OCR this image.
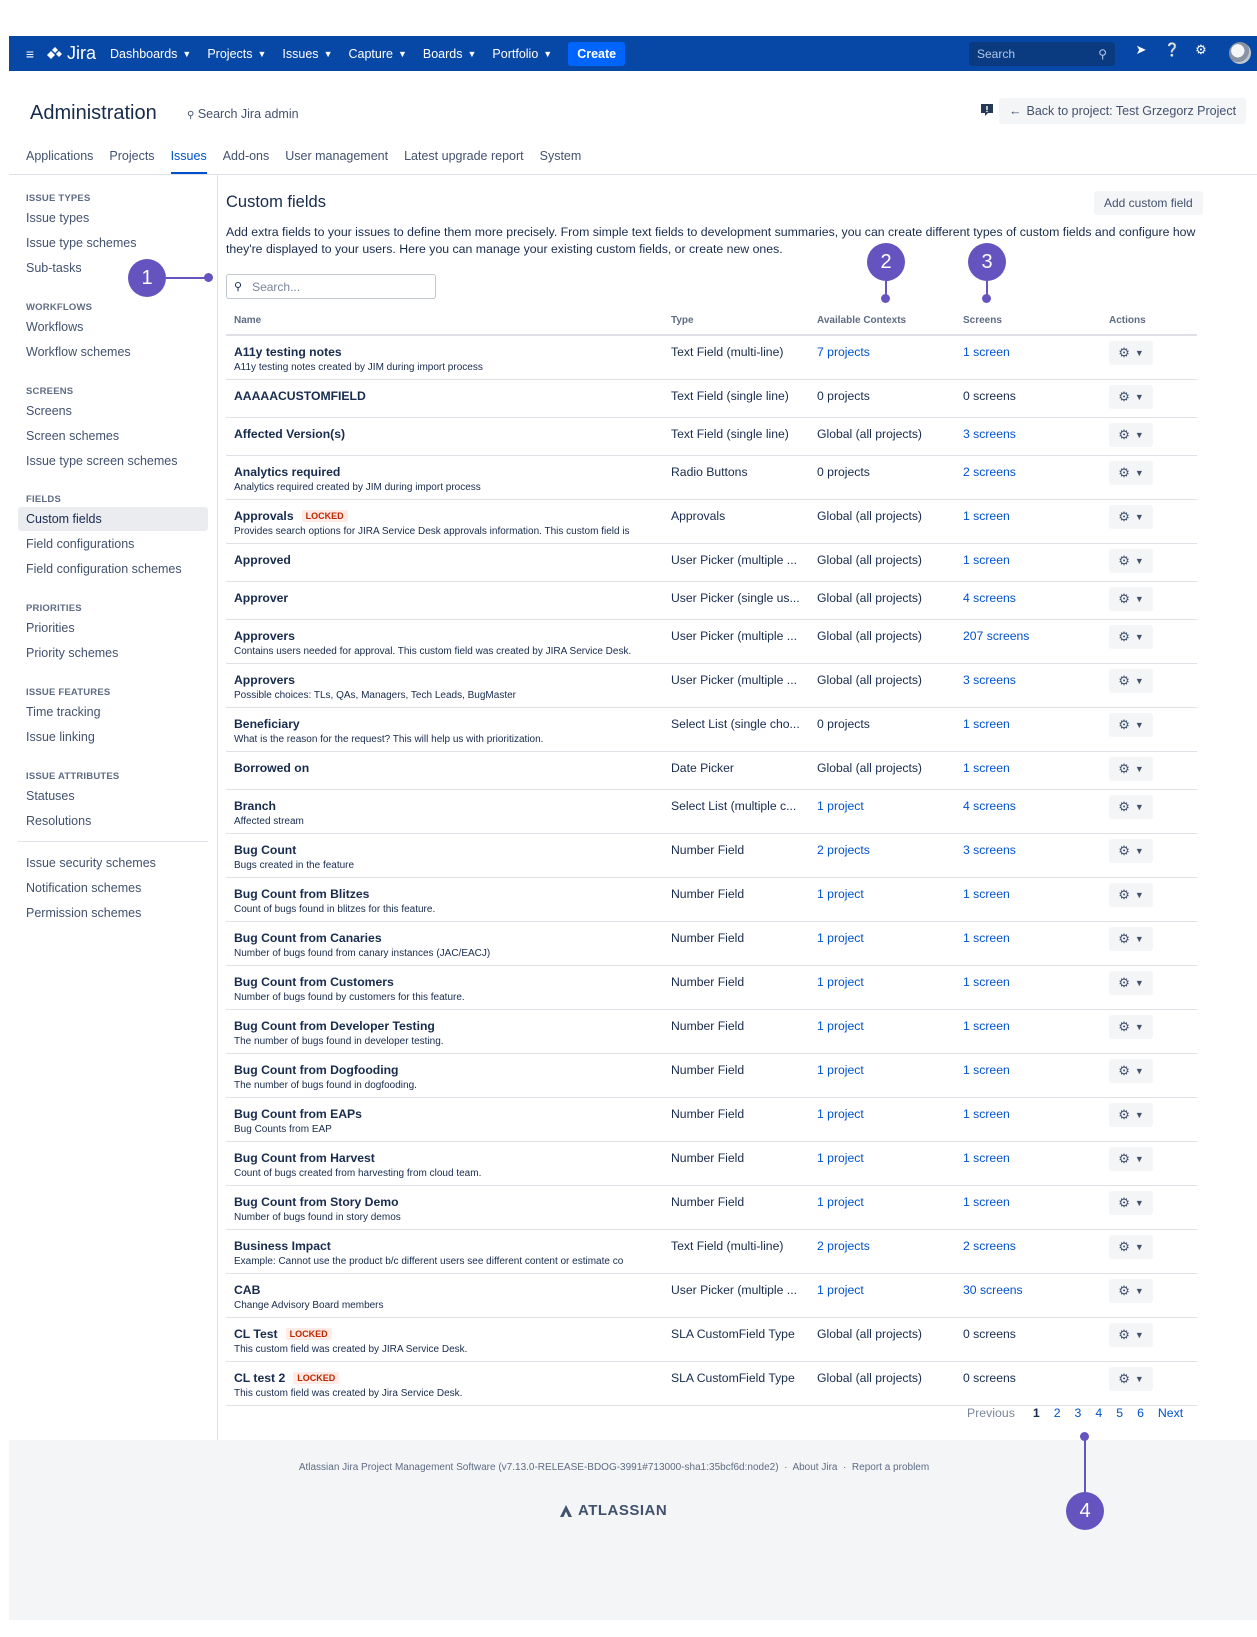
≡	Jira Dashboards ▼ Projects ▼ Issues ▼ Capture ▼ Boards ▼ Portfolio ▼	Create	Search	⚲ ➤ ❔ ⚙
Administration	⚲ Search Jira admin	← Back to project: Test Grzegorz Project
Applications Projects Issues Add-ons User management Latest upgrade report System
ISSUE TYPES
Issue types
Issue type schemes
Sub-tasks
WORKFLOWS
Workflows
Workflow schemes
SCREENS
Screens
Screen schemes
Issue type screen schemes
FIELDS
Custom fields
Field configurations
Field configuration schemes
PRIORITIES
Priorities
Priority schemes
ISSUE FEATURES
Time tracking
Issue linking
ISSUE ATTRIBUTES
Statuses
Resolutions
Issue security schemes
Notification schemes
Permission schemes
Custom fields	Add custom field
Add extra fields to your issues to define them more precisely. From simple text fields to development summaries, you can create different types of custom fields and configure how they're displayed to your users. Here you can manage your existing custom fields, or create new ones.
⚲ Search...
Name	Type	Available Contexts	Screens	Actions
A11y testing notes
A11y testing notes created by JIM during import process	Text Field (multi-line)	7 projects	1 screen	⚙ ▼

AAAAACUSTOMFIELD	Text Field (single line)	0 projects	0 screens	⚙ ▼

Affected Version(s)	Text Field (single line)	Global (all projects)	3 screens	⚙ ▼

Analytics required
Analytics required created by JIM during import process	Radio Buttons	0 projects	2 screens	⚙ ▼

Approvals LOCKED
Provides search options for JIRA Service Desk approvals information. This custom field is	Approvals	Global (all projects)	1 screen	⚙ ▼

Approved	User Picker (multiple ...	Global (all projects)	1 screen	⚙ ▼

Approver	User Picker (single us...	Global (all projects)	4 screens	⚙ ▼

Approvers
Contains users needed for approval. This custom field was created by JIRA Service Desk.	User Picker (multiple ...	Global (all projects)	207 screens	⚙ ▼

Approvers
Possible choices: TLs, QAs, Managers, Tech Leads, BugMaster	User Picker (multiple ...	Global (all projects)	3 screens	⚙ ▼

Beneficiary
What is the reason for the request? This will help us with prioritization.	Select List (single cho...	0 projects	1 screen	⚙ ▼

Borrowed on	Date Picker	Global (all projects)	1 screen	⚙ ▼

Branch
Affected stream	Select List (multiple c...	1 project	4 screens	⚙ ▼

Bug Count
Bugs created in the feature	Number Field	2 projects	3 screens	⚙ ▼

Bug Count from Blitzes
Count of bugs found in blitzes for this feature.	Number Field	1 project	1 screen	⚙ ▼

Bug Count from Canaries
Number of bugs found from canary instances (JAC/EACJ)	Number Field	1 project	1 screen	⚙ ▼

Bug Count from Customers
Number of bugs found by customers for this feature.	Number Field	1 project	1 screen	⚙ ▼

Bug Count from Developer Testing
The number of bugs found in developer testing.	Number Field	1 project	1 screen	⚙ ▼

Bug Count from Dogfooding
The number of bugs found in dogfooding.	Number Field	1 project	1 screen	⚙ ▼

Bug Count from EAPs
Bug Counts from EAP	Number Field	1 project	1 screen	⚙ ▼

Bug Count from Harvest
Count of bugs created from harvesting from cloud team.	Number Field	1 project	1 screen	⚙ ▼

Bug Count from Story Demo
Number of bugs found in story demos	Number Field	1 project	1 screen	⚙ ▼

Business Impact
Example: Cannot use the product b/c different users see different content or estimate co	Text Field (multi-line)	2 projects	2 screens	⚙ ▼

CAB
Change Advisory Board members	User Picker (multiple ...	1 project	30 screens	⚙ ▼

CL Test LOCKED
This custom field was created by JIRA Service Desk.	SLA CustomField Type	Global (all projects)	0 screens	⚙ ▼

CL test 2 LOCKED
This custom field was created by Jira Service Desk.	SLA CustomField Type	Global (all projects)	0 screens	⚙ ▼
Previous 1 2 3 4 5 6 Next
Atlassian Jira Project Management Software (v7.13.0-RELEASE-BDOG-3991#713000-sha1:35bcf6d:node2)  ·  About Jira  ·  Report a problem
ATLASSIAN
1
2	3
4
